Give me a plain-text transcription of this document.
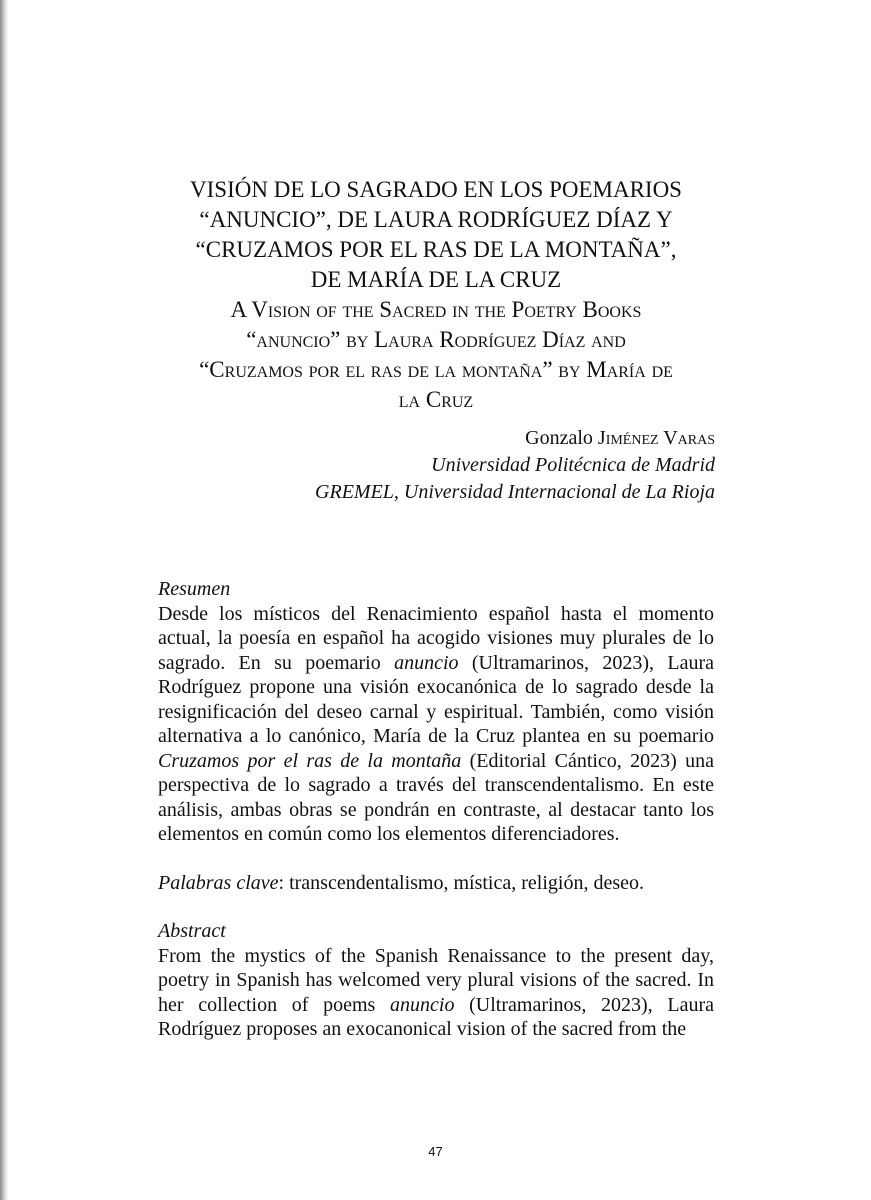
VISIÓN DE LO SAGRADO EN LOS POEMARIOS
“ANUNCIO”, DE LAURA RODRÍGUEZ DÍAZ Y
“CRUZAMOS POR EL RAS DE LA MONTAÑA”,
DE MARÍA DE LA CRUZ
A Vision of the Sacred in the Poetry Books
“anuncio” by Laura Rodríguez Díaz and
“Cruzamos por el ras de la montaña” by María de
la Cruz
Gonzalo Jiménez Varas
Universidad Politécnica de Madrid
GREMEL, Universidad Internacional de La Rioja
Resumen

Desde los místicos del Renacimiento español hasta el momento actual, la poesía en español ha acogido visiones muy plurales de lo sagrado. En su poemario anuncio (Ultramarinos, 2023), Laura Rodríguez propone una visión exocanónica de lo sagrado desde la resignificación del deseo carnal y espiritual. También, como visión alternativa a lo canónico, María de la Cruz plantea en su poemario Cruzamos por el ras de la montaña (Editorial Cántico, 2023) una perspectiva de lo sagrado a través del transcendentalismo. En este análisis, ambas obras se pondrán en contraste, al destacar tanto los elementos en común como los elementos diferenciadores.

Palabras clave: transcendentalismo, mística, religión, deseo.

Abstract

From the mystics of the Spanish Renaissance to the present day, poetry in Spanish has welcomed very plural visions of the sacred. In her collection of poems anuncio (Ultramarinos, 2023), Laura Rodríguez proposes an exocanonical vision of the sacred from the

47
